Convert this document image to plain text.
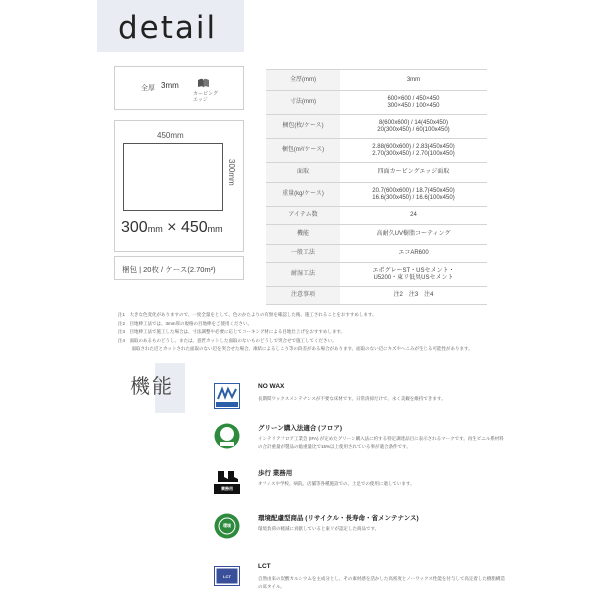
detail
全厚 3mm
カービング エッジ
450mm
300mm
300mm × 450mm
梱包 | 20枚 / ケース(2.70m²)
全厚(mm)	3mm
寸法(mm)	600×600 / 450×450
300×450 / 100×450
梱包(枚/ケース)	8(600x600) / 14(450x450)
20(300x450) / 60(100x450)
梱包(m²/ケース)	2.88(600x600) / 2.83(450x450)
2.70(300x450) / 2.70(100x450)
面取	四面カービングエッジ面取
重量(kg/ケース)	20.7(600x600) / 18.7(450x450)
16.6(300x450) / 16.6(100x450)
アイテム数	24
機能	高耐久UV樹脂コーティング
一般工法	エコAR600
耐湿工法	エポグレーST・USセメント・
U5200・東リ低臭USセメント
注意事項	注2　注3　注4
注1　大きな色変化がありますので、一度全量をとして、色のかたよりの有無を確認した後、施工されることをおすすめします。
注2　目地棒工法では、3mm厚の規格の目地棒をご使用ください。
注3　目地棒工法で施工した場合は、寸法調整や必要に応じてコーキング材による目地仕上げをおすすめします。
注4　面取のあるものどうし、または、意匠カットした面取のないものどうしで突合せで施工してください。
　　　面取された辺とカットされた面取のない辺を突合せた場合、凍結によるしこり等の段差がある場合があります。面取のない辺にキズやへこみが生じる可能性があります。
機能
NO WAX
NO WAX
長期間ワックスメンテナンスが不要な床材です。日常清掃だけで、永く美観を維持できます。
IFA
グリーン購入法適合 (フロア)
インテリアフロア工業会 (IFA) が定めたグリーン購入法に約する特定調達品目に表示されるマークです。再生ビニル系材料の合計重量が製品の総重量比で15%以上使用されている事が適合条件です。
業務用
歩行 業務用
オフィスや学校、病院、店舗等各種施設での、土足での使用に適しています。
環境
環境配慮型商品 (リサイクル・長寿命・省メンテナンス)
環境負荷の軽減に貢献していると東リが認定した商品です。
LCT
LCT
自然由来の炭酸カルシウムを主成分とし、その素材感を活かした高密度とノーワックス性能を付与して高定着した樹脂構造の床タイル。
